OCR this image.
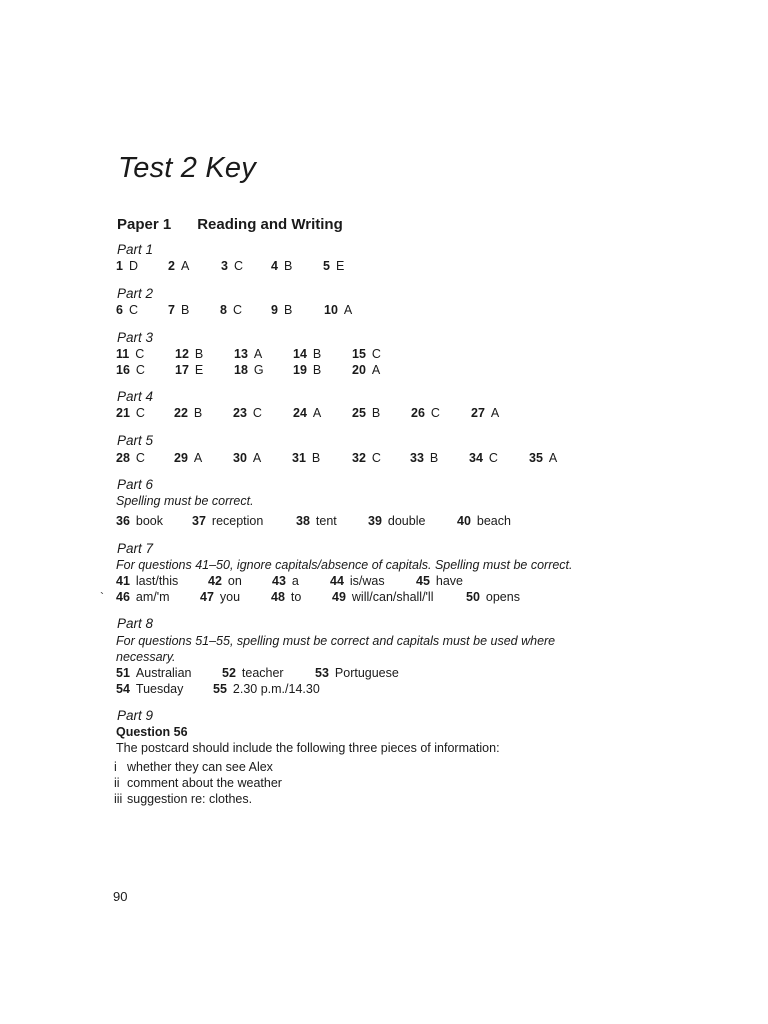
Test 2 Key
Paper 1 Reading and Writing
Part 1
1 D 2 A	3 C 4 B 5 E
Part 2
6 C 7 B 8 C 9 B	10 A
Part 3
11 C 12 B 13 A 14 B 15 C
16 C 17 E 18 G 19 B 20 A
Part 4
21 C 22 B 23 C 24 A 25 B 26 C 27 A
Part 5
28 C 29 A 30 A 31 B	32 C 33 B 34 C 35 A
Part 6
Spelling must be correct.
36 book 37 reception	38 tent 39 double	40 beach
Part 7
For questions 41–50, ignore capitals/absence of capitals. Spelling must be correct.
41 last/this 42 on 43 a 44 is/was	45 have
` 46 am/'m 47 you 48 to 49 will/can/shall/'ll	50 opens
Part 8
For questions 51–55, spelling must be correct and capitals must be used where
necessary.
51 Australian 52 teacher	53 Portuguese
54 Tuesday 55 2.30 p.m./14.30
Part 9
Question 56
The postcard should include the following three pieces of information:
i whether they can see Alex
ii comment about the weather
iii suggestion re: clothes.
90
